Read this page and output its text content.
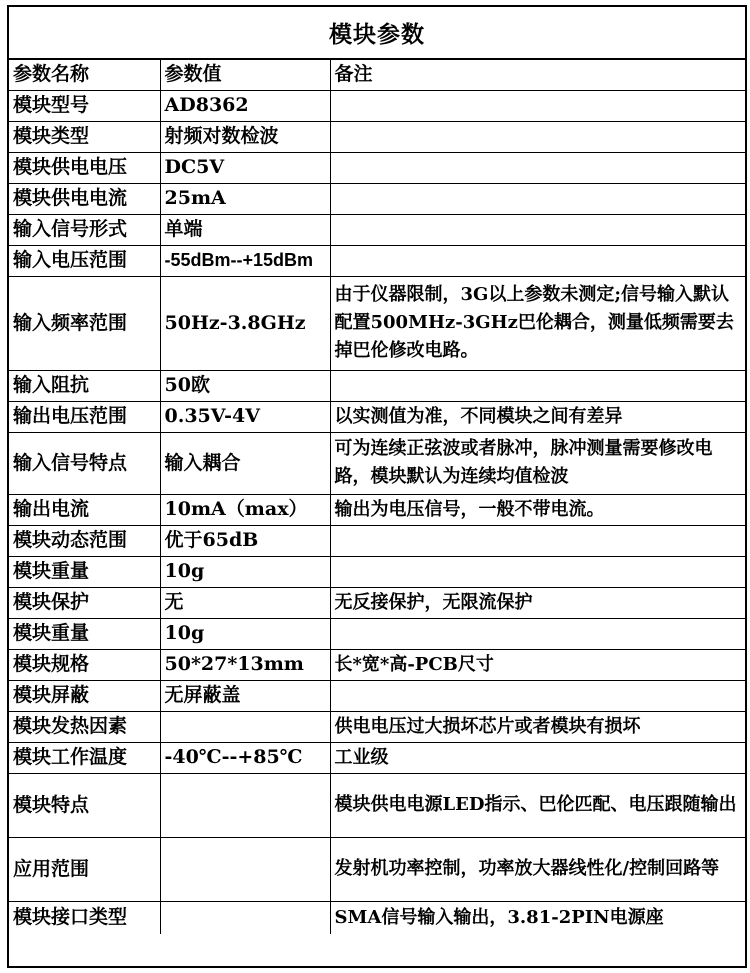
模块参数
参数名称	参数值	备注
模块型号	AD8362	
模块类型	射频对数检波	
模块供电电压	DC5V	
模块供电电流	25mA	
输入信号形式	单端	
输入电压范围	-55dBm--+15dBm	
输入频率范围	50Hz-3.8GHz	由于仪器限制，3G以上参数未测定;信号输入默认配置500MHz-3GHz巴伦耦合，测量低频需要去掉巴伦修改电路。
输入阻抗	50欧	
输出电压范围	0.35V-4V	以实测值为准，不同模块之间有差异
输入信号特点	输入耦合	可为连续正弦波或者脉冲，脉冲测量需要修改电路，模块默认为连续均值检波
输出电流	10mA（max）	输出为电压信号，一般不带电流。
模块动态范围	优于65dB	
模块重量	10g	
模块保护	无	无反接保护，无限流保护
模块重量	10g	
模块规格	50*27*13mm	长*宽*高-PCB尺寸
模块屏蔽	无屏蔽盖	
模块发热因素		供电电压过大损坏芯片或者模块有损坏
模块工作温度	-40℃--+85℃	工业级
模块特点		模块供电电源LED指示、巴伦匹配、电压跟随输出
应用范围		发射机功率控制，功率放大器线性化/控制回路等
模块接口类型		SMA信号输入输出，3.81-2PIN电源座
